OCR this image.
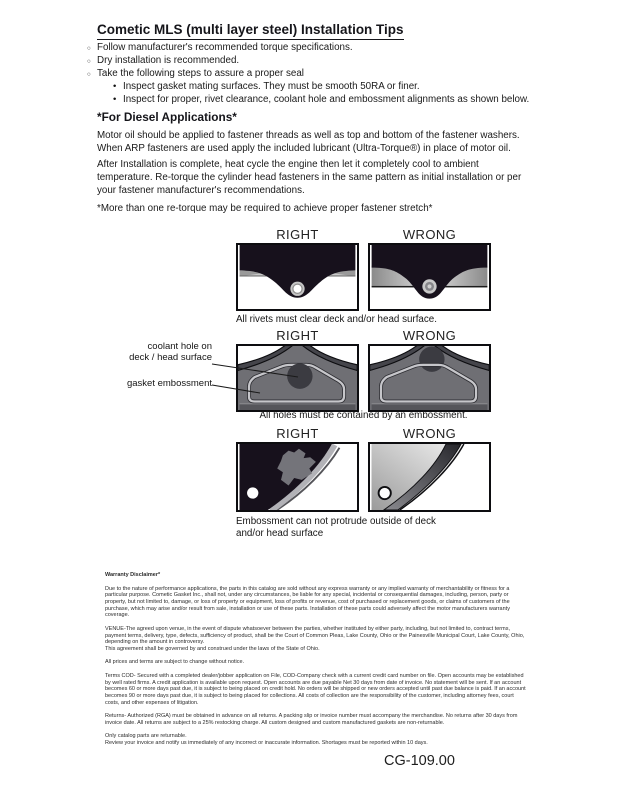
Cometic MLS (multi layer steel) Installation Tips
○ Follow manufacturer's recommended torque specifications.
○ Dry installation is recommended.
○ Take the following steps to assure a proper seal
• Inspect gasket mating surfaces. They must be smooth 50RA or finer.
• Inspect for proper, rivet clearance, coolant hole and embossment alignments as shown below.
*For Diesel Applications*

Motor oil should be applied to fastener threads as well as top and bottom of the fastener washers. When ARP fasteners are used apply the included lubricant (Ultra-Torque®) in place of motor oil.

After Installation is complete, heat cycle the engine then let it completely cool to ambient temperature. Re-torque the cylinder head fasteners in the same pattern as initial installation or per your fastener manufacturer's recommendations.

*More than one re-torque may be required to achieve proper fastener stretch*

RIGHT	WRONG
All rivets must clear deck and/or head surface.
RIGHT	WRONG
coolant hole on
deck / head surface
gasket embossment
All holes must be contained by an embossment.
RIGHT	WRONG
Embossment can not protrude outside of deck
and/or head surface

Warranty Disclaimer*

Due to the nature of performance applications, the parts in this catalog are sold without any express warranty or any implied warranty of merchantability or fitness for a particular purpose. Cometic Gasket Inc., shall not, under any circumstances, be liable for any special, incidental or consequential damages, including, person, party or property, but not limited to, damage, or loss of property or equipment, loss of profits or revenue, cost of purchased or replacement goods, or claims of customers of the purchase, which may arise and/or result from sale, installation or use of these parts. Installation of these parts could adversely affect the motor manufacturers warranty coverage.

VENUE-The agreed upon venue, in the event of dispute whatsoever between the parties, whether instituted by either party, including, but not limited to, contract terms, payment terms, delivery, type, defects, sufficiency of product, shall be the Court of Common Pleas, Lake County, Ohio or the Painesville Municipal Court, Lake County, Ohio, depending on the amount in controversy.

This agreement shall be governed by and construed under the laws of the State of Ohio.

All prices and terms are subject to change without notice.

Terms COD- Secured with a completed dealer/jobber application on File, COD-Company check with a current credit card number on file. Open accounts may be established by well rated firms. A credit application is available upon request. Open accounts are due payable Net 30 days from date of invoice. No statement will be sent. If an account becomes 60 or more days past due, it is subject to being placed on credit hold. No orders will be shipped or new orders accepted until past due balance is paid. If an account becomes 90 or more days past due, it is subject to being placed for collections. All costs of collection are the responsibility of the customer, including attorney fees, court costs, and other expenses of litigation.

Returns- Authorized (RGA) must be obtained in advance on all returns. A packing slip or invoice number must accompany the merchandise. No returns after 30 days from invoice date. All returns are subject to a 25% restocking charge. All custom designed and custom manufactured gaskets are non-returnable.

Only catalog parts are returnable.

Review your invoice and notify us immediately of any incorrect or inaccurate information. Shortages must be reported within 10 days.

CG-109.00
